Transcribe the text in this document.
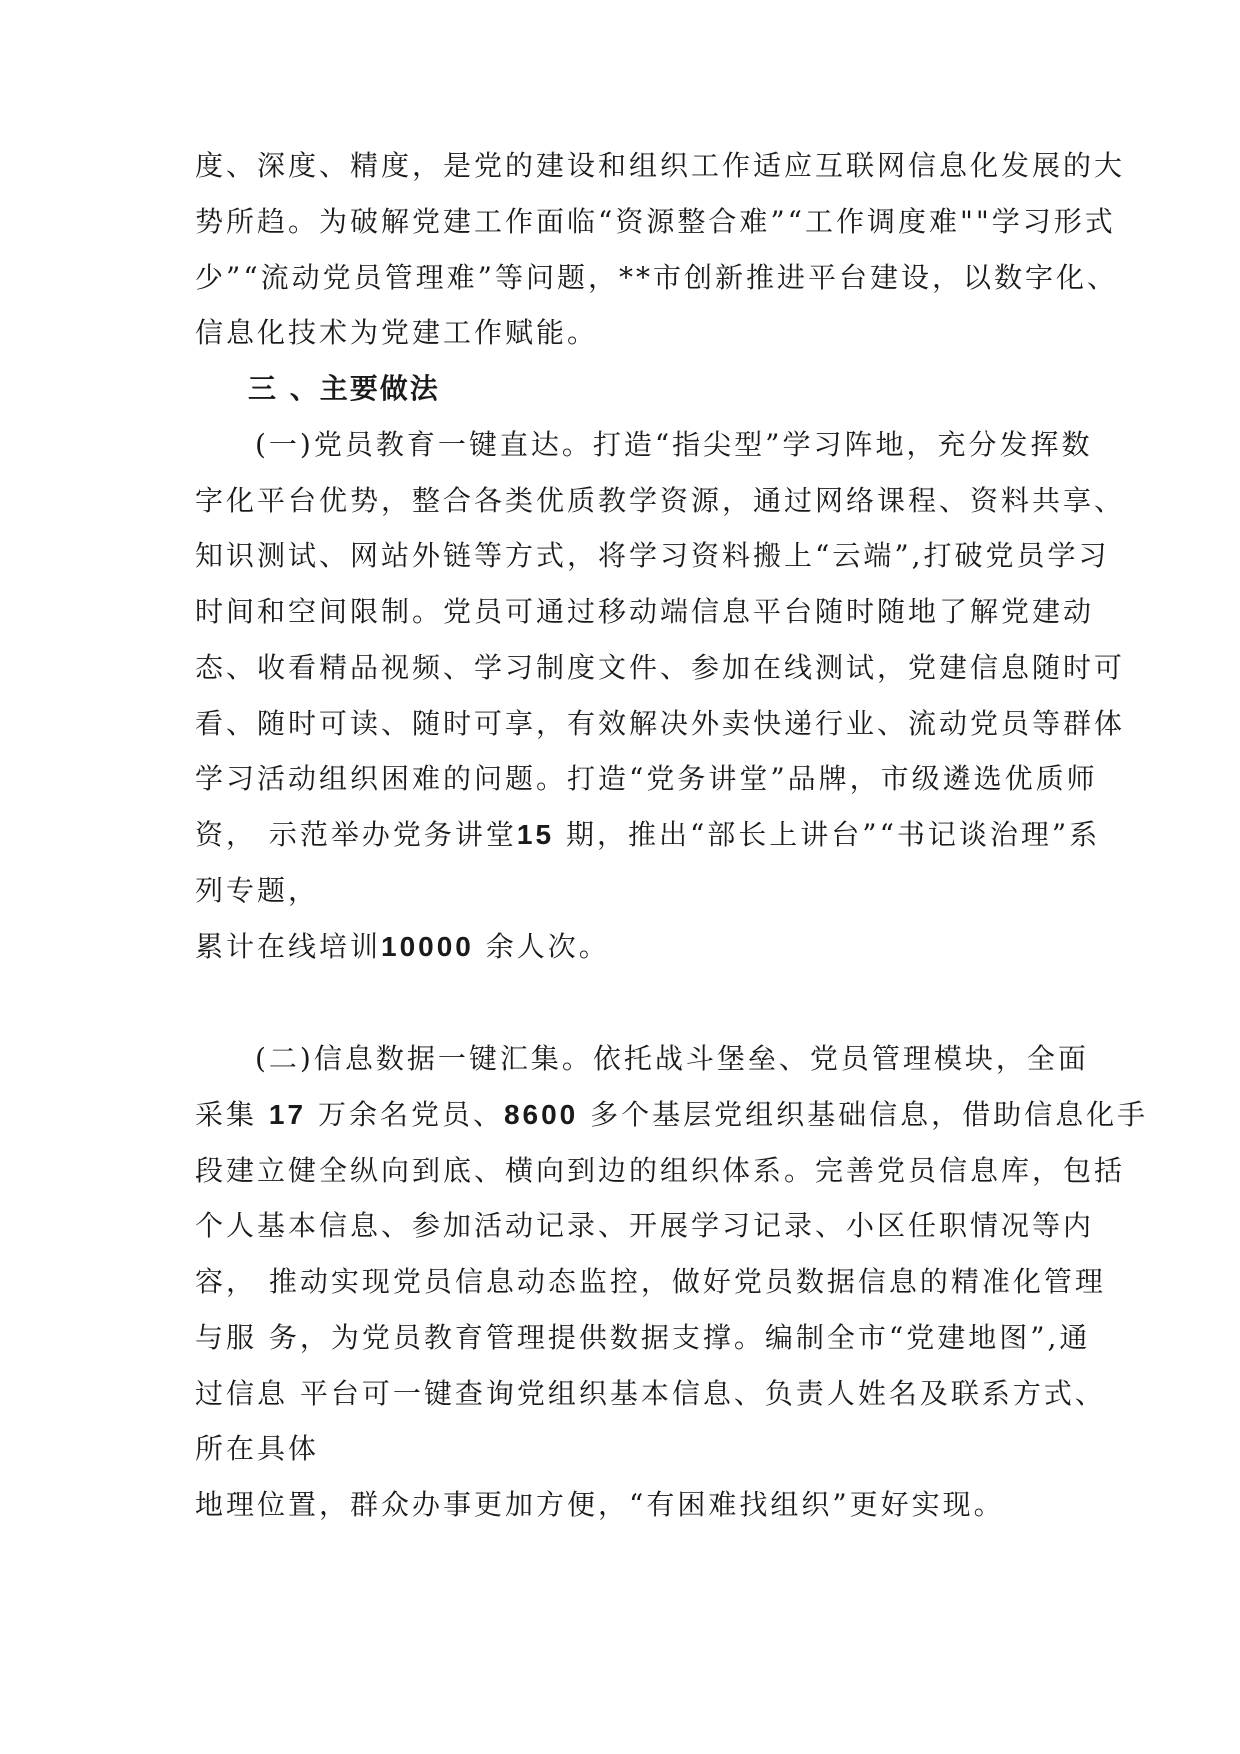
度、深度、精度，是党的建设和组织工作适应互联网信息化发展的大
势所趋。为破解党建工作面临“资源整合难”“工作调度难""学习形式
少”“流动党员管理难”等问题，**市创新推进平台建设，以数字化、
信息化技术为党建工作赋能。
三 、主要做法
(一)党员教育一键直达。打造“指尖型”学习阵地，充分发挥数
字化平台优势，整合各类优质教学资源，通过网络课程、资料共享、
知识测试、网站外链等方式，将学习资料搬上“云端”,打破党员学习
时间和空间限制。党员可通过移动端信息平台随时随地了解党建动
态、收看精品视频、学习制度文件、参加在线测试，党建信息随时可
看、随时可读、随时可享，有效解决外卖快递行业、流动党员等群体
学习活动组织困难的问题。打造“党务讲堂”品牌，市级遴选优质师
资， 示范举办党务讲堂15 期，推出“部长上讲台”“书记谈治理”系
列专题，
累计在线培训10000 余人次。
(二)信息数据一键汇集。依托战斗堡垒、党员管理模块，全面
采集 17 万余名党员、8600 多个基层党组织基础信息，借助信息化手
段建立健全纵向到底、横向到边的组织体系。完善党员信息库，包括
个人基本信息、参加活动记录、开展学习记录、小区任职情况等内
容， 推动实现党员信息动态监控，做好党员数据信息的精准化管理
与服 务，为党员教育管理提供数据支撑。编制全市“党建地图”,通
过信息 平台可一键查询党组织基本信息、负责人姓名及联系方式、
所在具体
地理位置，群众办事更加方便，“有困难找组织”更好实现。
